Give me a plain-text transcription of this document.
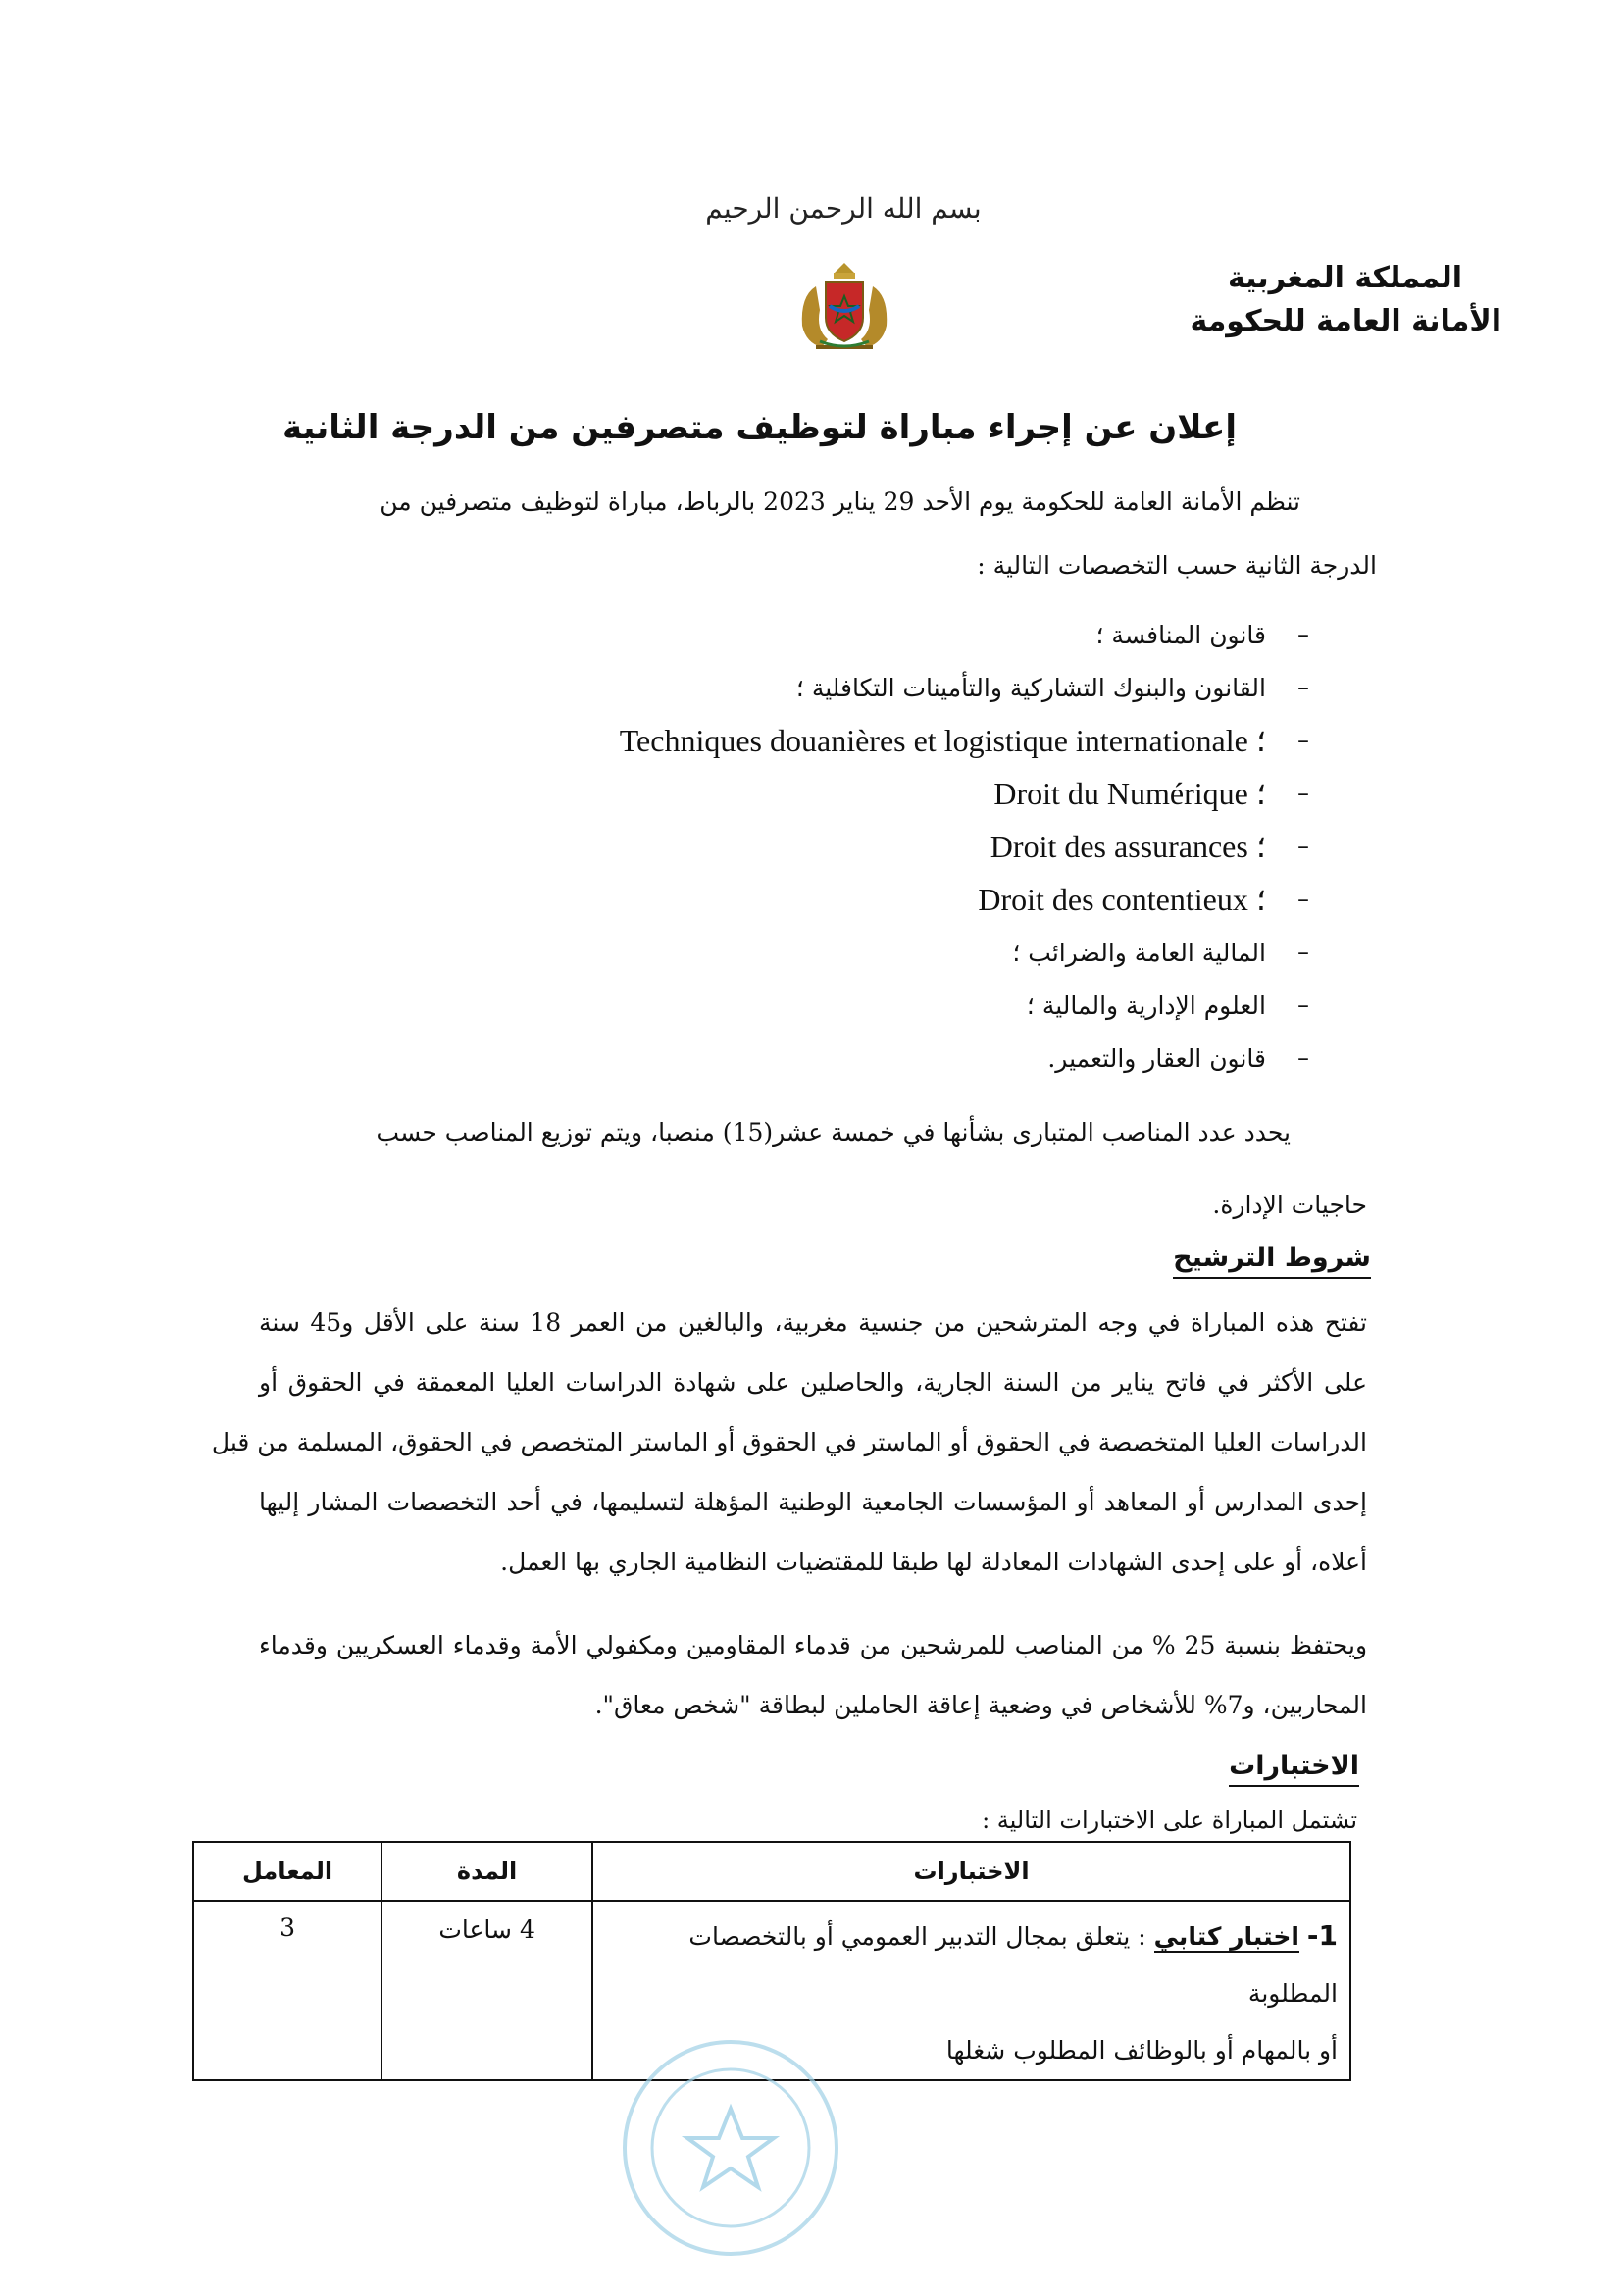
بسم الله الرحمن الرحيم
المملكة المغربية
الأمانة العامة للحكومة
إعلان عن إجراء مباراة لتوظيف متصرفين من الدرجة الثانية
تنظم الأمانة العامة للحكومة يوم الأحد 29 يناير 2023 بالرباط، مباراة لتوظيف متصرفين من
الدرجة الثانية حسب التخصصات التالية :
–
قانون المنافسة ؛
–
القانون والبنوك التشاركية والتأمينات التكافلية ؛
–
Techniques douanières et logistique internationale ؛
–
Droit du Numérique ؛
–
Droit des assurances ؛
–
Droit des contentieux ؛
–
المالية العامة والضرائب ؛
–
العلوم الإدارية والمالية ؛
–
قانون العقار والتعمير.
يحدد عدد المناصب المتبارى بشأنها في خمسة عشر(15) منصبا، ويتم توزيع المناصب حسب
حاجيات الإدارة.
شروط الترشيح
تفتح هذه المباراة في وجه المترشحين من جنسية مغربية، والبالغين من العمر 18 سنة على الأقل و45 سنة
على الأكثر في فاتح يناير من السنة الجارية، والحاصلين على شهادة الدراسات العليا المعمقة في الحقوق أو
الدراسات العليا المتخصصة في الحقوق أو الماستر في الحقوق أو الماستر المتخصص في الحقوق، المسلمة من قبل
إحدى المدارس أو المعاهد أو المؤسسات الجامعية الوطنية المؤهلة لتسليمها، في أحد التخصصات المشار إليها
أعلاه، أو على إحدى الشهادات المعادلة لها طبقا للمقتضيات النظامية الجاري بها العمل.
ويحتفظ بنسبة 25 % من المناصب للمرشحين من قدماء المقاومين ومكفولي الأمة وقدماء العسكريين وقدماء
المحاربين، و7% للأشخاص في وضعية إعاقة الحاملين لبطاقة "شخص معاق".
الاختبارات
تشتمل المباراة على الاختبارات التالية :
الاختبارات	المدة	المعامل

1- اختبار كتابي : يتعلق بمجال التدبير العمومي أو بالتخصصات المطلوبة
أو بالمهام أو بالوظائف المطلوب شغلها	4 ساعات	3
